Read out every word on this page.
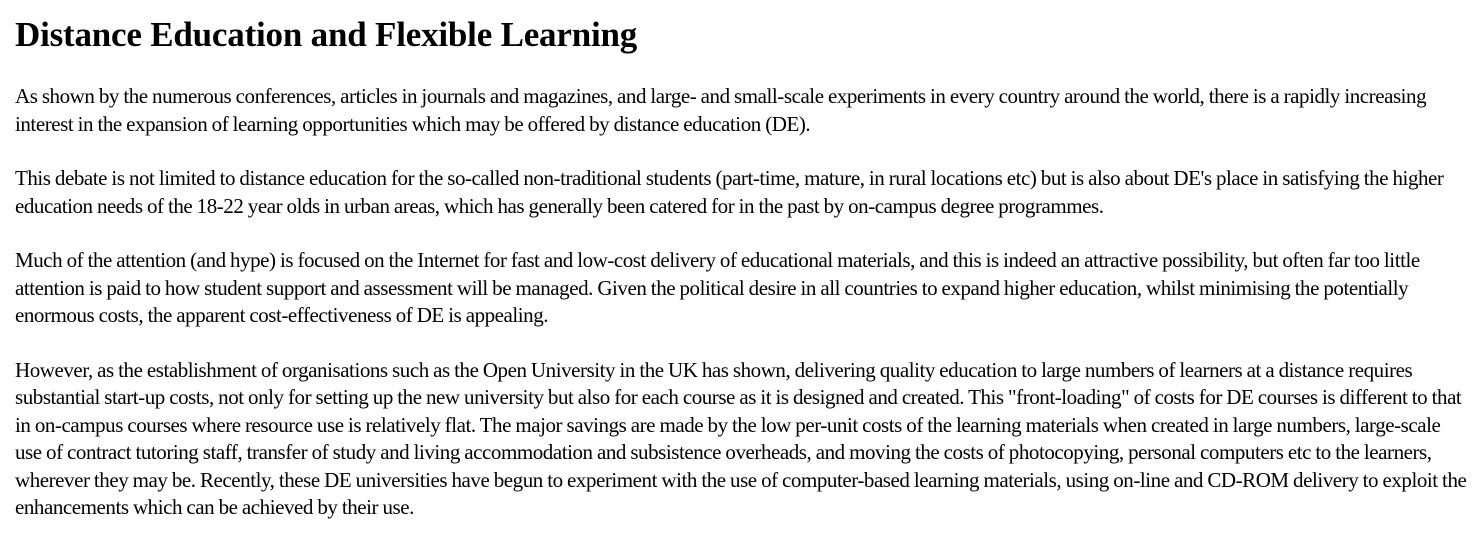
Distance Education and Flexible Learning

As shown by the numerous conferences, articles in journals and magazines, and large- and small-scale experiments in every country around the world, there is a rapidly increasing interest in the expansion of learning opportunities which may be offered by distance education (DE).

This debate is not limited to distance education for the so-called non-traditional students (part-time, mature, in rural locations etc) but is also about DE's place in satisfying the higher education needs of the 18-22 year olds in urban areas, which has generally been catered for in the past by on-campus degree programmes.

Much of the attention (and hype) is focused on the Internet for fast and low-cost delivery of educational materials, and this is indeed an attractive possibility, but often far too little attention is paid to how student support and assessment will be managed. Given the political desire in all countries to expand higher education, whilst minimising the potentially enormous costs, the apparent cost-effectiveness of DE is appealing.

However, as the establishment of organisations such as the Open University in the UK has shown, delivering quality education to large numbers of learners at a distance requires substantial start-up costs, not only for setting up the new university but also for each course as it is designed and created. This "front-loading" of costs for DE courses is different to that in on-campus courses where resource use is relatively flat. The major savings are made by the low per-unit costs of the learning materials when created in large numbers, large-scale use of contract tutoring staff, transfer of study and living accommodation and subsistence overheads, and moving the costs of photocopying, personal computers etc to the learners, wherever they may be. Recently, these DE universities have begun to experiment with the use of computer-based learning materials, using on-line and CD-ROM delivery to exploit the enhancements which can be achieved by their use.
